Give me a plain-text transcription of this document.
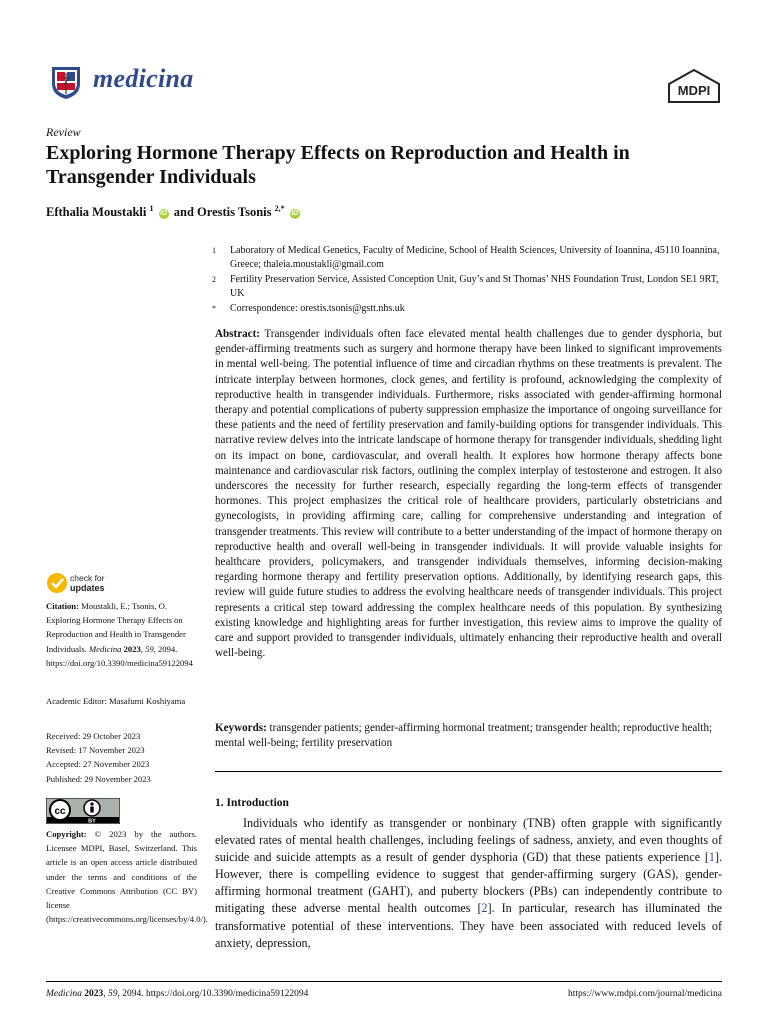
medicina	MDPI
Review
Exploring Hormone Therapy Effects on Reproduction and Health in Transgender Individuals
Efthalia Moustakli $^1$ iD and Orestis Tsonis $^{2,*}$ iD
1	Laboratory of Medical Genetics, Faculty of Medicine, School of Health Sciences, University of Ioannina, 45110 Ioannina, Greece; thaleia.moustakli@gmail.com
2	Fertility Preservation Service, Assisted Conception Unit, Guy’s and St Thomas’ NHS Foundation Trust, London SE1 9RT, UK
*	Correspondence: orestis.tsonis@gstt.nhs.uk
Abstract: Transgender individuals often face elevated mental health challenges due to gender dysphoria, but gender-affirming treatments such as surgery and hormone therapy have been linked to significant improvements in mental well-being. The potential influence of time and circadian rhythms on these treatments is prevalent. The intricate interplay between hormones, clock genes, and fertility is profound, acknowledging the complexity of reproductive health in transgender individuals. Furthermore, risks associated with gender-affirming hormonal therapy and potential complications of puberty suppression emphasize the importance of ongoing surveillance for these patients and the need of fertility preservation and family-building options for transgender individuals. This narrative review delves into the intricate landscape of hormone therapy for transgender individuals, shedding light on its impact on bone, cardiovascular, and overall health. It explores how hormone therapy affects bone maintenance and cardiovascular risk factors, outlining the complex interplay of testosterone and estrogen. It also underscores the necessity for further research, especially regarding the long-term effects of transgender hormones. This project emphasizes the critical role of healthcare providers, particularly obstetricians and gynecologists, in providing affirming care, calling for comprehensive understanding and integration of transgender treatments. This review will contribute to a better understanding of the impact of hormone therapy on reproductive health and overall well-being in transgender individuals. It will provide valuable insights for healthcare providers, policymakers, and transgender individuals themselves, informing decision-making regarding hormone therapy and fertility preservation options. Additionally, by identifying research gaps, this review will guide future studies to address the evolving healthcare needs of transgender individuals. This project represents a critical step toward addressing the complex healthcare needs of this population. By synthesizing existing knowledge and highlighting areas for further investigation, this review aims to improve the quality of care and support provided to transgender individuals, ultimately enhancing their reproductive health and overall well-being.
Keywords: transgender patients; gender-affirming hormonal treatment; transgender health; reproductive health; mental well-being; fertility preservation
check for
updates
Citation: Moustakli, E.; Tsonis, O. Exploring Hormone Therapy Effects on Reproduction and Health in Transgender Individuals. Medicina 2023, 59, 2094. https://doi.org/10.3390/medicina59122094
Academic Editor: Masafumi Koshiyama
Received: 29 October 2023
Revised: 17 November 2023
Accepted: 27 November 2023
Published: 29 November 2023
cc
BY
Copyright: © 2023 by the authors. Licensee MDPI, Basel, Switzerland. This article is an open access article distributed under the terms and conditions of the Creative Commons Attribution (CC BY) license (https://creativecommons.org/licenses/by/4.0/).
1. Introduction
Individuals who identify as transgender or nonbinary (TNB) often grapple with significantly elevated rates of mental health challenges, including feelings of sadness, anxiety, and even thoughts of suicide and suicide attempts as a result of gender dysphoria (GD) that these patients experience [1]. However, there is compelling evidence to suggest that gender-affirming surgery (GAS), gender-affirming hormonal treatment (GAHT), and puberty blockers (PBs) can independently contribute to mitigating these adverse mental health outcomes [2]. In particular, research has illuminated the transformative potential of these interventions. They have been associated with reduced levels of anxiety, depression,
Medicina 2023, 59, 2094. https://doi.org/10.3390/medicina59122094	https://www.mdpi.com/journal/medicina
